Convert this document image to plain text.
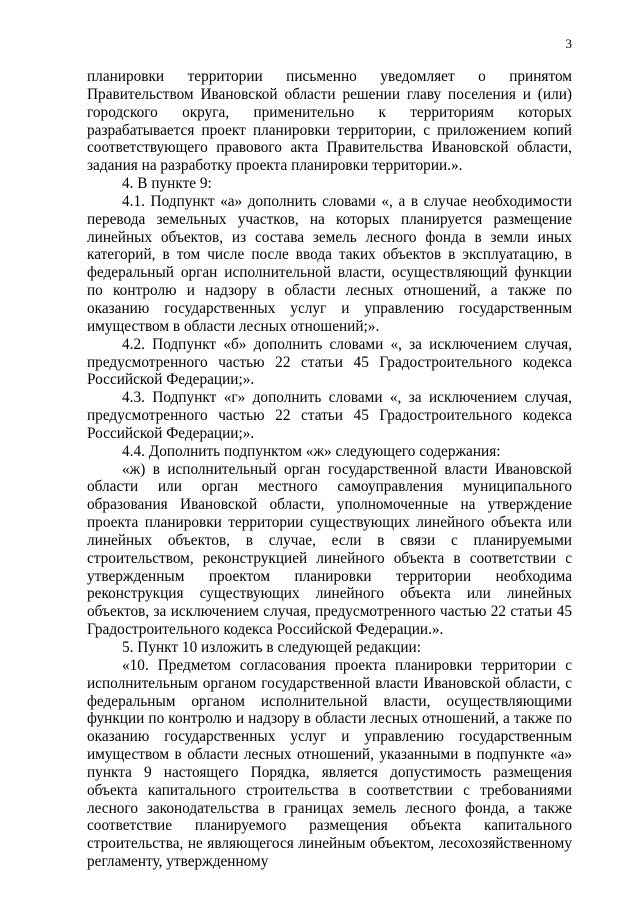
3

планировки территории письменно уведомляет о принятом Правительством Ивановской области решении главу поселения и (или) городского округа, применительно к территориям которых разрабатывается проект планировки территории, с приложением копий соответствующего правового акта Правительства Ивановской области, задания на разработку проекта планировки территории.».

4. В пункте 9:

4.1. Подпункт «а» дополнить словами «, а в случае необходимости перевода земельных участков, на которых планируется размещение линейных объектов, из состава земель лесного фонда в земли иных категорий, в том числе после ввода таких объектов в эксплуатацию, в федеральный орган исполнительной власти, осуществляющий функции по контролю и надзору в области лесных отношений, а также по оказанию государственных услуг и управлению государственным имуществом в области лесных отношений;».

4.2. Подпункт «б» дополнить словами «, за исключением случая, предусмотренного частью 22 статьи 45 Градостроительного кодекса Российской Федерации;».

4.3. Подпункт «г» дополнить словами «, за исключением случая, предусмотренного частью 22 статьи 45 Градостроительного кодекса Российской Федерации;».

4.4. Дополнить подпунктом «ж» следующего содержания:

«ж) в исполнительный орган государственной власти Ивановской области или орган местного самоуправления муниципального образования Ивановской области, уполномоченные на утверждение проекта планировки территории существующих линейного объекта или линейных объектов, в случае, если в связи с планируемыми строительством, реконструкцией линейного объекта в соответствии с утвержденным проектом планировки территории необходима реконструкция существующих линейного объекта или линейных объектов, за исключением случая, предусмотренного частью 22 статьи 45 Градостроительного кодекса Российской Федерации.».

5. Пункт 10 изложить в следующей редакции:

«10. Предметом согласования проекта планировки территории с исполнительным органом государственной власти Ивановской области, с федеральным органом исполнительной власти, осуществляющими функции по контролю и надзору в области лесных отношений, а также по оказанию государственных услуг и управлению государственным имуществом в области лесных отношений, указанными в подпункте «а» пункта 9 настоящего Порядка, является допустимость размещения объекта капитального строительства в соответствии с требованиями лесного законодательства в границах земель лесного фонда, а также соответствие планируемого размещения объекта капитального строительства, не являющегося линейным объектом, лесохозяйственному регламенту, утвержденному
